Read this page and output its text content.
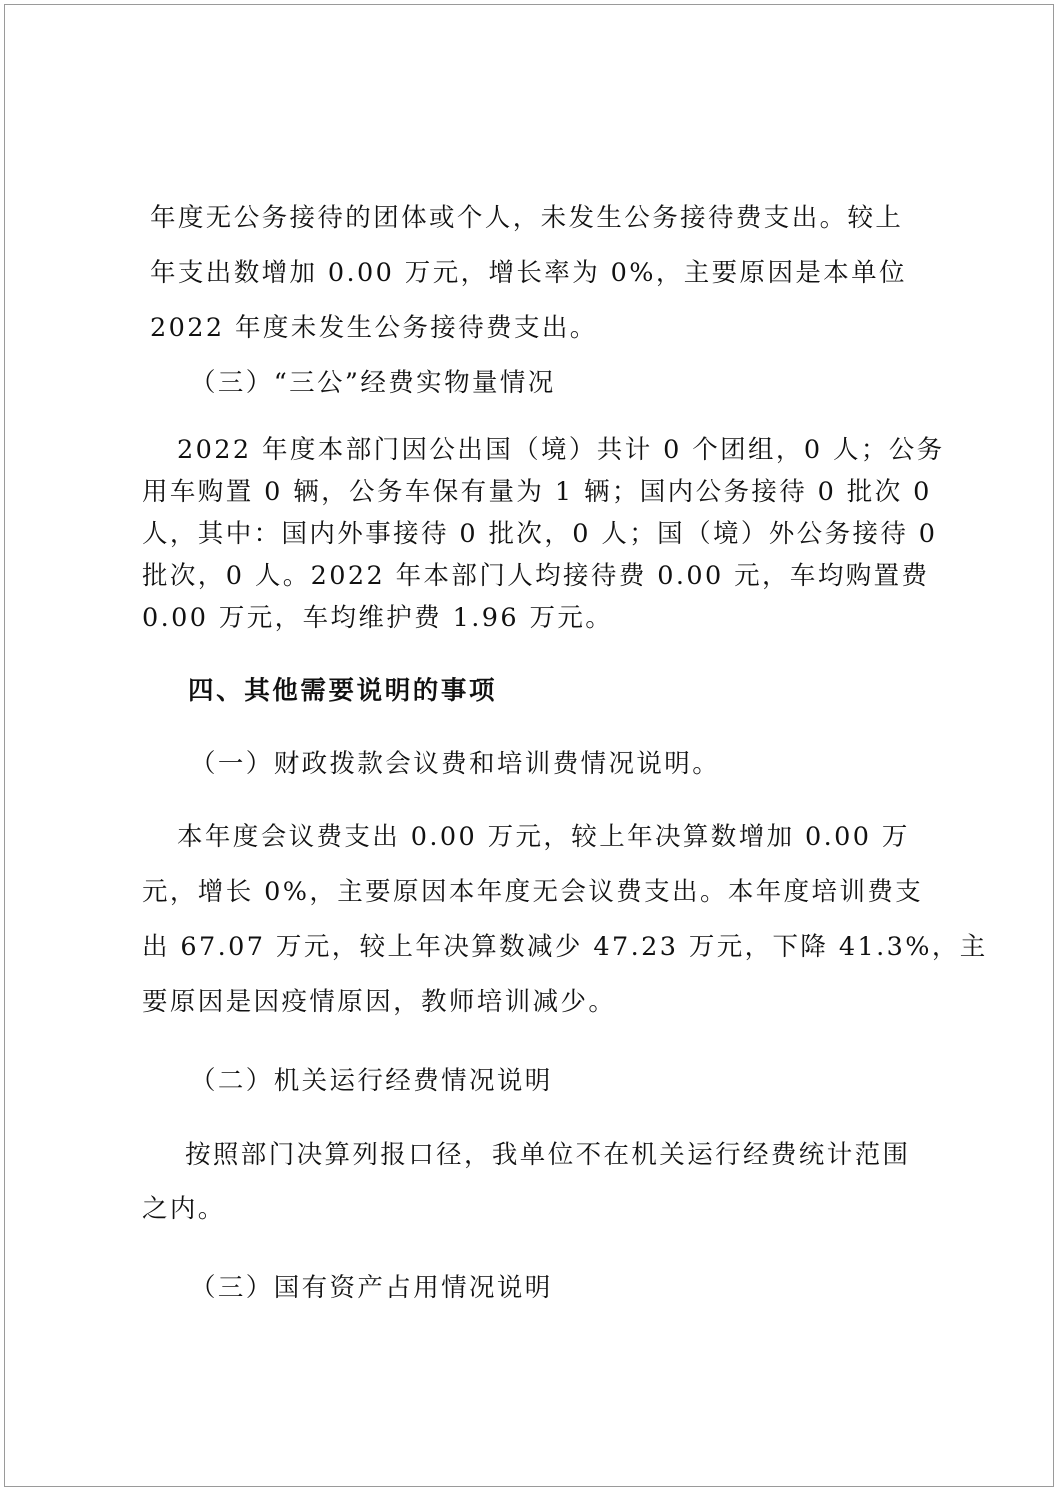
年度无公务接待的团体或个人，未发生公务接待费支出。较上
年支出数增加 0.00 万元，增长率为 0%，主要原因是本单位
2022 年度未发生公务接待费支出。
（三）“三公”经费实物量情况
2022 年度本部门因公出国（境）共计 0 个团组，0 人；公务
用车购置 0 辆，公务车保有量为 1 辆；国内公务接待 0 批次 0
人，其中：国内外事接待 0 批次，0 人；国（境）外公务接待 0
批次，0 人。2022 年本部门人均接待费 0.00 元，车均购置费
0.00 万元，车均维护费 1.96 万元。
四、其他需要说明的事项
（一）财政拨款会议费和培训费情况说明。
本年度会议费支出 0.00 万元，较上年决算数增加 0.00 万
元，增长 0%，主要原因本年度无会议费支出。本年度培训费支
出 67.07 万元，较上年决算数减少 47.23 万元，下降 41.3%，主
要原因是因疫情原因，教师培训减少。
（二）机关运行经费情况说明
按照部门决算列报口径，我单位不在机关运行经费统计范围
之内。
（三）国有资产占用情况说明
